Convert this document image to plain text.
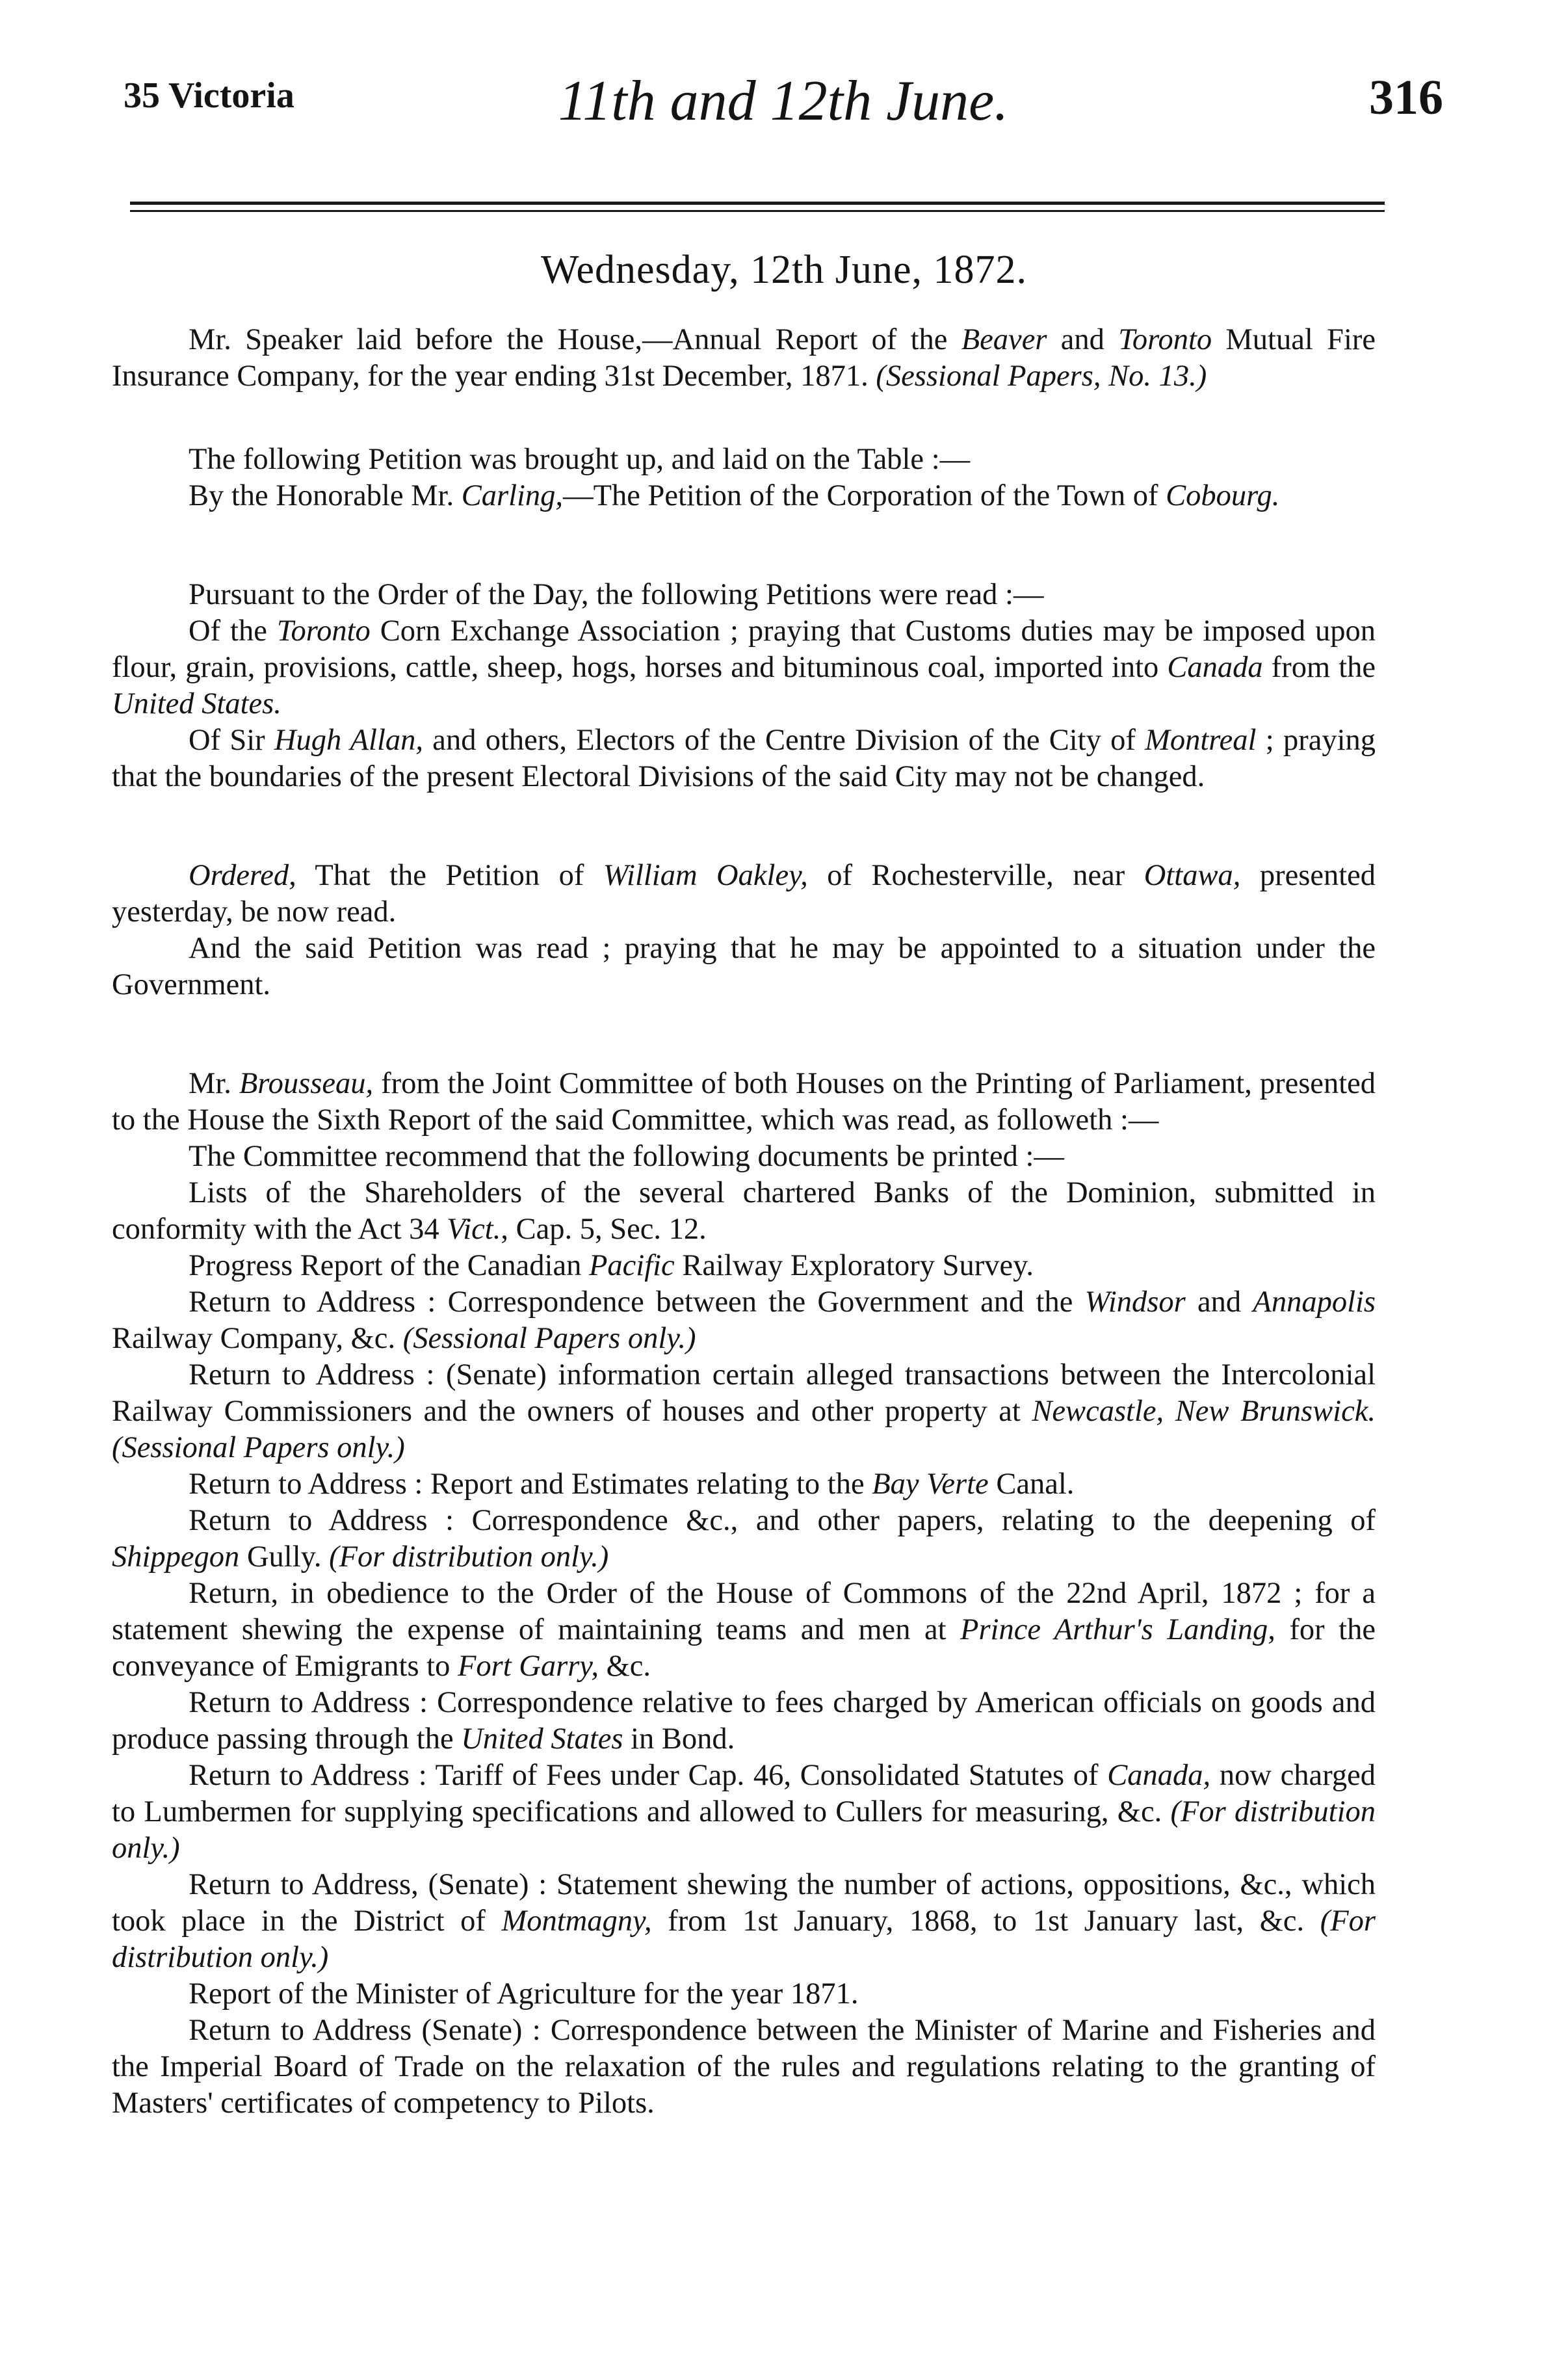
35 Victoria	11th and 12th June.	316
Wednesday, 12th June, 1872.

Mr. Speaker laid before the House,—Annual Report of the Beaver and Toronto Mutual Fire Insurance Company, for the year ending 31st December, 1871. (Sessional Papers, No. 13.)

The following Petition was brought up, and laid on the Table :—

By the Honorable Mr. Carling,—The Petition of the Corporation of the Town of Cobourg.

Pursuant to the Order of the Day, the following Petitions were read :—

Of the Toronto Corn Exchange Association ; praying that Customs duties may be imposed upon flour, grain, provisions, cattle, sheep, hogs, horses and bituminous coal, imported into Canada from the United States.

Of Sir Hugh Allan, and others, Electors of the Centre Division of the City of Montreal ; praying that the boundaries of the present Electoral Divisions of the said City may not be changed.

Ordered, That the Petition of William Oakley, of Rochesterville, near Ottawa, presented yesterday, be now read.

And the said Petition was read ; praying that he may be appointed to a situation under the Government.

Mr. Brousseau, from the Joint Committee of both Houses on the Printing of Parliament, presented to the House the Sixth Report of the said Committee, which was read, as followeth :—

The Committee recommend that the following documents be printed :—

Lists of the Shareholders of the several chartered Banks of the Dominion, submitted in conformity with the Act 34 Vict., Cap. 5, Sec. 12.

Progress Report of the Canadian Pacific Railway Exploratory Survey.

Return to Address : Correspondence between the Government and the Windsor and Annapolis Railway Company, &c. (Sessional Papers only.)

Return to Address : (Senate) information certain alleged transactions between the Intercolonial Railway Commissioners and the owners of houses and other property at Newcastle, New Brunswick. (Sessional Papers only.)

Return to Address : Report and Estimates relating to the Bay Verte Canal.

Return to Address : Correspondence &c., and other papers, relating to the deepening of Shippegon Gully. (For distribution only.)

Return, in obedience to the Order of the House of Commons of the 22nd April, 1872 ; for a statement shewing the expense of maintaining teams and men at Prince Arthur's Landing, for the conveyance of Emigrants to Fort Garry, &c.

Return to Address : Correspondence relative to fees charged by American officials on goods and produce passing through the United States in Bond.

Return to Address : Tariff of Fees under Cap. 46, Consolidated Statutes of Canada, now charged to Lumbermen for supplying specifications and allowed to Cullers for measuring, &c. (For distribution only.)

Return to Address, (Senate) : Statement shewing the number of actions, oppositions, &c., which took place in the District of Montmagny, from 1st January, 1868, to 1st January last, &c. (For distribution only.)

Report of the Minister of Agriculture for the year 1871.

Return to Address (Senate) : Correspondence between the Minister of Marine and Fisheries and the Imperial Board of Trade on the relaxation of the rules and regulations relating to the granting of Masters' certificates of competency to Pilots.
